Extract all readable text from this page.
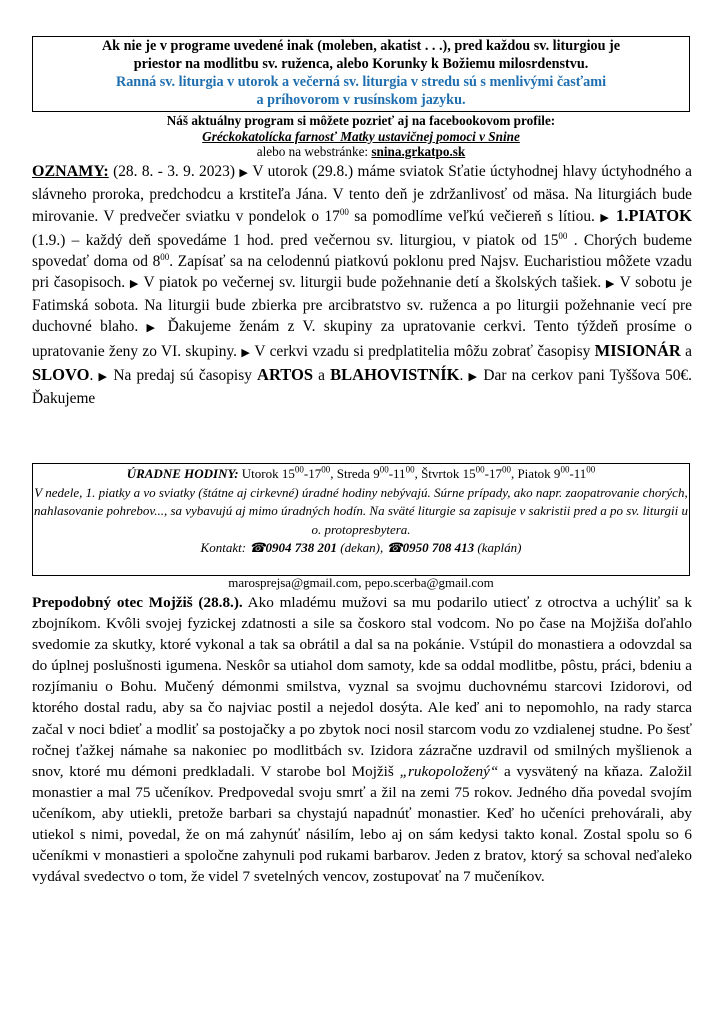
Ak nie je v programe uvedené inak (moleben, akatist . . .), pred každou sv. liturgiou je
priestor na modlitbu sv. ruženca, alebo Korunky k Božiemu milosrdenstvu.
Ranná sv. liturgia v utorok a večerná sv. liturgia v stredu sú s menlivými časťami
a príhovorom v rusínskom jazyku.
Náš aktuálny program si môžete pozrieť aj na facebookovom profile:
Gréckokatolícka farnosť Matky ustavičnej pomoci v Snine
alebo na webstránke: snina.grkatpo.sk
OZNAMY: (28. 8. - 3. 9. 2023) ▶ V utorok (29.8.) máme sviatok Sťatie úctyhodnej hlavy úctyhodného a slávneho proroka, predchodcu a krstiteľa Jána. V tento deň je zdržanlivosť od mäsa. Na liturgiách bude mirovanie. V predvečer sviatku v pondelok o $17^{00}$ sa pomodlíme veľkú večiereň s lítiou. ▶ 1.PIATOK (1.9.) – každý deň spovedáme 1 hod. pred večernou sv. liturgiou, v piatok od $15^{00}$ . Chorých budeme spovedať doma od $8^{00}$. Zapísať sa na celodennú piatkovú poklonu pred Najsv. Eucharistiou môžete vzadu pri časopisoch. ▶ V piatok po večernej sv. liturgii bude požehnanie detí a školských tašiek. ▶ V sobotu je Fatimská sobota. Na liturgii bude zbierka pre arcibratstvo sv. ruženca a po liturgii požehnanie vecí pre duchovné blaho. ▶ Ďakujeme ženám z V. skupiny za upratovanie cerkvi. Tento týždeň prosíme o upratovanie ženy zo VI. skupiny. ▶ V cerkvi vzadu si predplatitelia môžu zobrať časopisy MISIONÁR a SLOVO. ▶ Na predaj sú časopisy ARTOS a BLAHOVISTNÍK. ▶ Dar na cerkov pani Tyššova 50€. Ďakujeme
ÚRADNE HODINY: Utorok $15^{00}-17^{00}$, Streda $9^{00}-11^{00}$, Štvrtok $15^{00}-17^{00}$, Piatok $9^{00}-11^{00}$
V nedele, 1. piatky a vo sviatky (štátne aj cirkevné) úradné hodiny nebývajú. Súrne prípady, ako napr. zaopatrovanie chorých, nahlasovanie pohrebov..., sa vybavujú aj mimo úradných hodín. Na sväté liturgie sa zapisuje v sakristii pred a po sv. liturgii u o. protopresbytera.
Kontakt: ☎0904 738 201 (dekan), ☎0950 708 413 (kaplán)
marosprejsa@gmail.com, pepo.scerba@gmail.com
Prepodobný otec Mojžiš (28.8.). Ako mladému mužovi sa mu podarilo utiecť z otroctva a uchýliť sa k zbojníkom. Kvôli svojej fyzickej zdatnosti a sile sa čoskoro stal vodcom. No po čase na Mojžiša doľahlo svedomie za skutky, ktoré vykonal a tak sa obrátil a dal sa na pokánie. Vstúpil do monastiera a odovzdal sa do úplnej poslušnosti igumena. Neskôr sa utiahol dom samoty, kde sa oddal modlitbe, pôstu, práci, bdeniu a rozjímaniu o Bohu. Mučený démonmi smilstva, vyznal sa svojmu duchovnému starcovi Izidorovi, od ktorého dostal radu, aby sa čo najviac postil a nejedol dosýta. Ale keď ani to nepomohlo, na rady starca začal v noci bdieť a modliť sa postojačky a po zbytok noci nosil starcom vodu zo vzdialenej studne. Po šesť ročnej ťažkej námahe sa nakoniec po modlitbách sv. Izidora zázračne uzdravil od smilných myšlienok a snov, ktoré mu démoni predkladali. V starobe bol Mojžiš „rukopoložený“ a vysvätený na kňaza. Založil monastier a mal 75 učeníkov. Predpovedal svoju smrť a žil na zemi 75 rokov. Jedného dňa povedal svojím učeníkom, aby utiekli, pretože barbari sa chystajú napadnúť monastier. Keď ho učeníci prehovárali, aby utiekol s nimi, povedal, že on má zahynúť násilím, lebo aj on sám kedysi takto konal. Zostal spolu so 6 učeníkmi v monastieri a spoločne zahynuli pod rukami barbarov. Jeden z bratov, ktorý sa schoval neďaleko vydával svedectvo o tom, že videl 7 svetelných vencov, zostupovať na 7 mučeníkov.
